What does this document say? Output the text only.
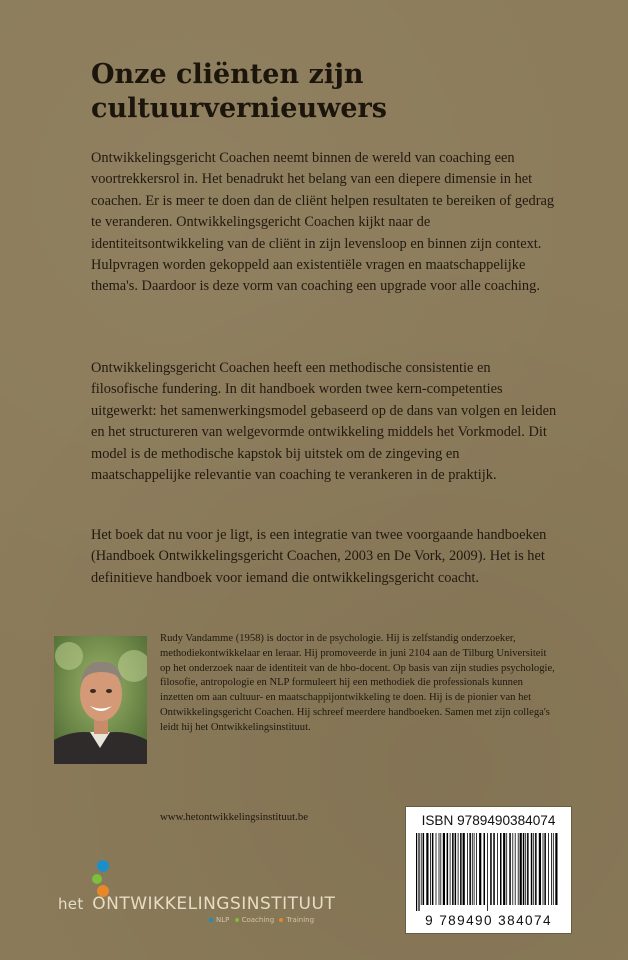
Onze cliënten zijn cultuurvernieuwers

Ontwikkelingsgericht Coachen neemt binnen de wereld van coaching een voortrekkersrol in. Het benadrukt het belang van een diepere dimensie in het coachen. Er is meer te doen dan de cliënt helpen resultaten te bereiken of gedrag te veranderen. Ontwikkelingsgericht Coachen kijkt naar de identiteitsontwikkeling van de cliënt in zijn levensloop en binnen zijn context. Hulpvragen worden gekoppeld aan existentiële vragen en maatschappelijke thema's. Daardoor is deze vorm van coaching een upgrade voor alle coaching.

Ontwikkelingsgericht Coachen heeft een methodische consistentie en filosofische fundering. In dit handboek worden twee kern-competenties uitgewerkt: het samenwerkingsmodel gebaseerd op de dans van volgen en leiden en het structureren van welgevormde ontwikkeling middels het Vorkmodel. Dit model is de methodische kapstok bij uitstek om de zingeving en maatschappelijke relevantie van coaching te verankeren in de praktijk.

Het boek dat nu voor je ligt, is een integratie van twee voorgaande handboeken (Handboek Ontwikkelingsgericht Coachen, 2003 en De Vork, 2009). Het is het definitieve handboek voor iemand die ontwikkelingsgericht coacht.

Rudy Vandamme (1958) is doctor in de psychologie. Hij is zelfstandig onderzoeker, methodiekontwikkelaar en leraar. Hij promoveerde in juni 2104 aan de Tilburg Universiteit op het onderzoek naar de identiteit van de hbo-docent. Op basis van zijn studies psychologie, filosofie, antropologie en NLP formuleert hij een methodiek die professionals kunnen inzetten om aan cultuur- en maatschappijontwikkeling te doen. Hij is de pionier van het Ontwikkelingsgericht Coachen. Hij schreef meerdere handboeken. Samen met zijn collega's leidt hij het Ontwikkelingsinstituut.

www.hetontwikkelingsinstituut.be
het ONTWIKKELINGSINSTITUUT
NLP Coaching Training
ISBN 9789490384074
9 789490 384074
